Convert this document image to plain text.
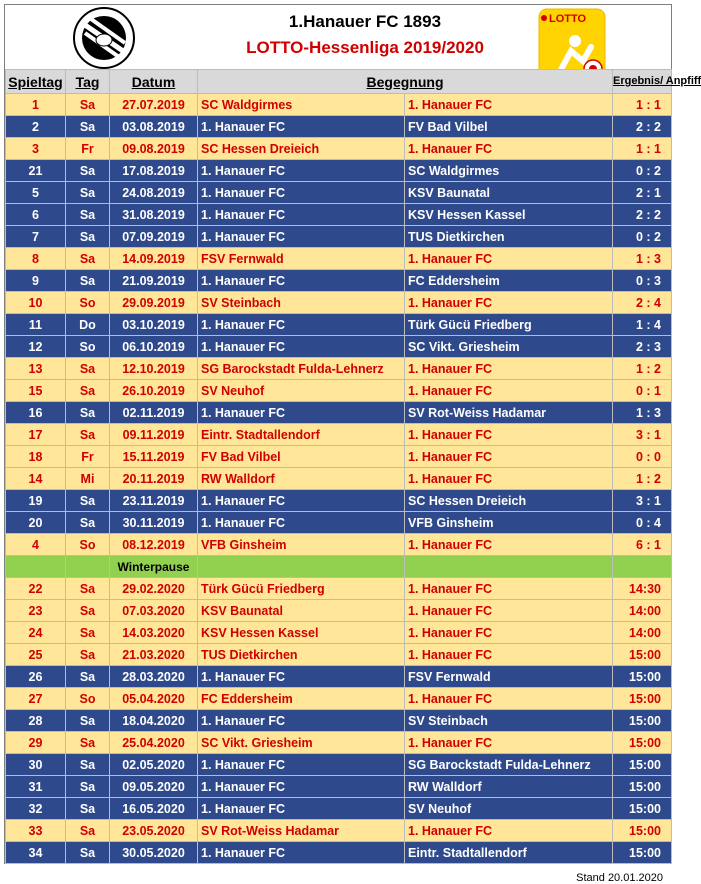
1.Hanauer FC 1893
LOTTO-Hessenliga 2019/2020
LOTTO
Spieltag	Tag	Datum	Begegnung		Ergebnis/ Anpfiff
1	Sa	27.07.2019	SC Waldgirmes	1. Hanauer FC	1 : 1
2	Sa	03.08.2019	1. Hanauer FC	FV Bad Vilbel	2 : 2
3	Fr	09.08.2019	SC Hessen Dreieich	1. Hanauer FC	1 : 1
21	Sa	17.08.2019	1. Hanauer FC	SC Waldgirmes	0 : 2
5	Sa	24.08.2019	1. Hanauer FC	KSV Baunatal	2 : 1
6	Sa	31.08.2019	1. Hanauer FC	KSV Hessen Kassel	2 : 2
7	Sa	07.09.2019	1. Hanauer FC	TUS Dietkirchen	0 : 2
8	Sa	14.09.2019	FSV Fernwald	1. Hanauer FC	1 : 3
9	Sa	21.09.2019	1. Hanauer FC	FC Eddersheim	0 : 3
10	So	29.09.2019	SV Steinbach	1. Hanauer FC	2 : 4
11	Do	03.10.2019	1. Hanauer FC	Türk Gücü Friedberg	1 : 4
12	So	06.10.2019	1. Hanauer FC	SC Vikt. Griesheim	2 : 3
13	Sa	12.10.2019	SG Barockstadt Fulda-Lehnerz	1. Hanauer FC	1 : 2
15	Sa	26.10.2019	SV Neuhof	1. Hanauer FC	0 : 1
16	Sa	02.11.2019	1. Hanauer FC	SV Rot-Weiss Hadamar	1 : 3
17	Sa	09.11.2019	Eintr. Stadtallendorf	1. Hanauer FC	3 : 1
18	Fr	15.11.2019	FV Bad Vilbel	1. Hanauer FC	0 : 0
14	Mi	20.11.2019	RW Walldorf	1. Hanauer FC	1 : 2
19	Sa	23.11.2019	1. Hanauer FC	SC Hessen Dreieich	3 : 1
20	Sa	30.11.2019	1. Hanauer FC	VFB Ginsheim	0 : 4
4	So	08.12.2019	VFB Ginsheim	1. Hanauer FC	6 : 1
		Winterpause			
22	Sa	29.02.2020	Türk Gücü Friedberg	1. Hanauer FC	14:30
23	Sa	07.03.2020	KSV Baunatal	1. Hanauer FC	14:00
24	Sa	14.03.2020	KSV Hessen Kassel	1. Hanauer FC	14:00
25	Sa	21.03.2020	TUS Dietkirchen	1. Hanauer FC	15:00
26	Sa	28.03.2020	1. Hanauer FC	FSV Fernwald	15:00
27	So	05.04.2020	FC Eddersheim	1. Hanauer FC	15:00
28	Sa	18.04.2020	1. Hanauer FC	SV Steinbach	15:00
29	Sa	25.04.2020	SC Vikt. Griesheim	1. Hanauer FC	15:00
30	Sa	02.05.2020	1. Hanauer FC	SG Barockstadt Fulda-Lehnerz	15:00
31	Sa	09.05.2020	1. Hanauer FC	RW Walldorf	15:00
32	Sa	16.05.2020	1. Hanauer FC	SV Neuhof	15:00
33	Sa	23.05.2020	SV Rot-Weiss Hadamar	1. Hanauer FC	15:00
34	Sa	30.05.2020	1. Hanauer FC	Eintr. Stadtallendorf	15:00
Stand 20.01.2020
